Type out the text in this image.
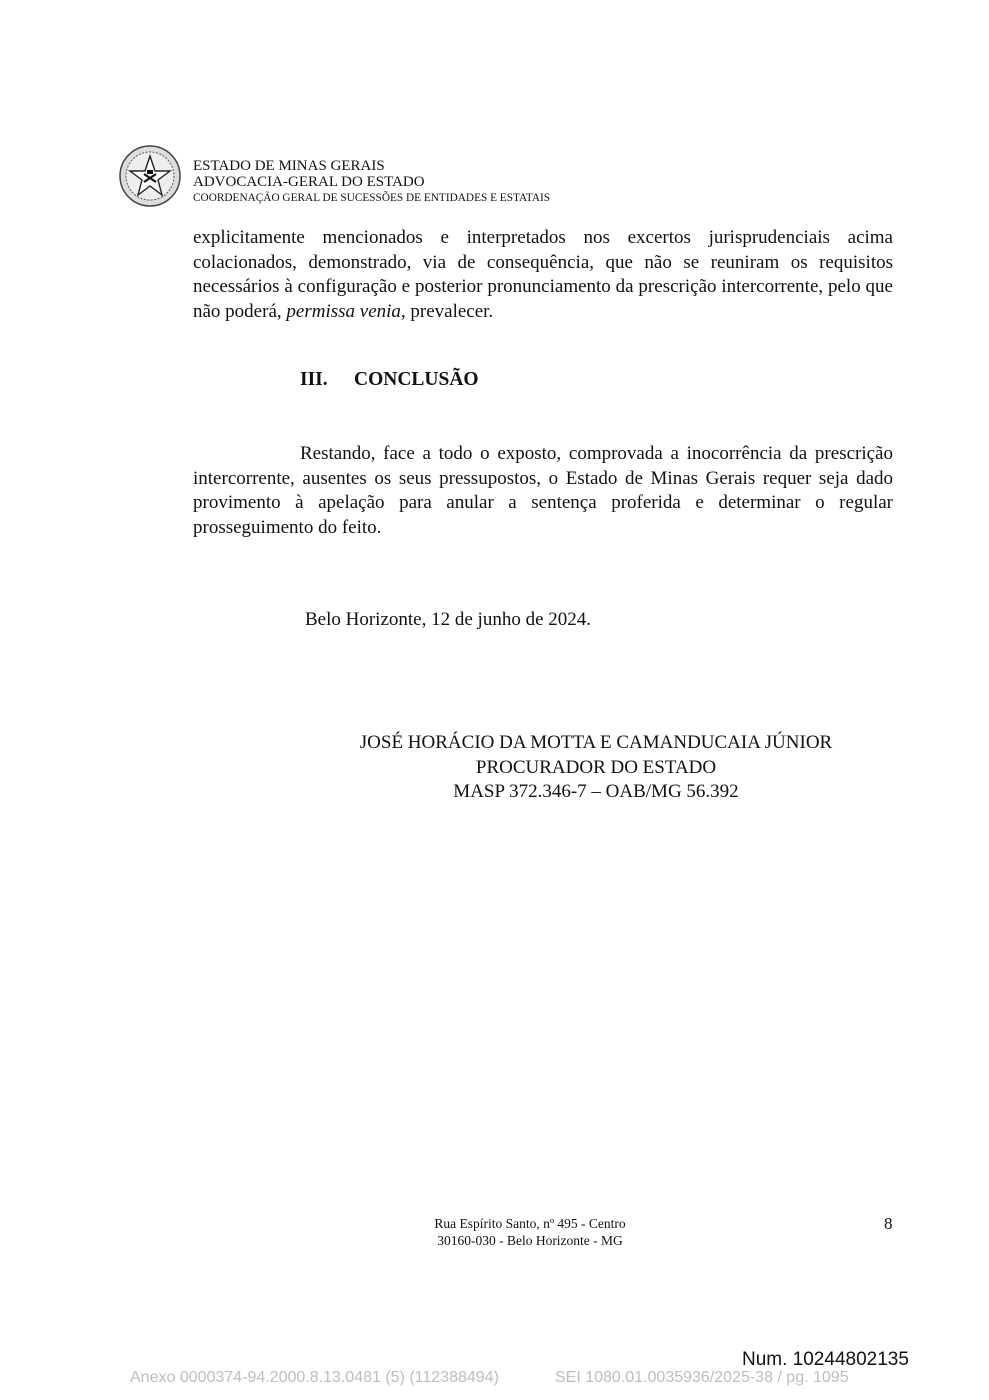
ESTADO DE MINAS GERAIS
ADVOCACIA-GERAL DO ESTADO
COORDENAÇÃO GERAL DE SUCESSÕES DE ENTIDADES E ESTATAIS

explicitamente mencionados e interpretados nos excertos jurisprudenciais acima colacionados, demonstrado, via de consequência, que não se reuniram os requisitos necessários à configuração e posterior pronunciamento da prescrição intercorrente, pelo que não poderá, permissa venia, prevalecer.

III. CONCLUSÃO

Restando, face a todo o exposto, comprovada a inocorrência da prescrição intercorrente, ausentes os seus pressupostos, o Estado de Minas Gerais requer seja dado provimento à apelação para anular a sentença proferida e determinar o regular prosseguimento do feito.

Belo Horizonte, 12 de junho de 2024.
JOSÉ HORÁCIO DA MOTTA E CAMANDUCAIA JÚNIOR
PROCURADOR DO ESTADO
MASP 372.346-7 – OAB/MG 56.392
Rua Espírito Santo, nº 495 - Centro
30160-030 - Belo Horizonte - MG
8
Num. 10244802135
Anexo 0000374-94.2000.8.13.0481 (5) (112388494)	SEI 1080.01.0035936/2025-38 / pg. 1095
